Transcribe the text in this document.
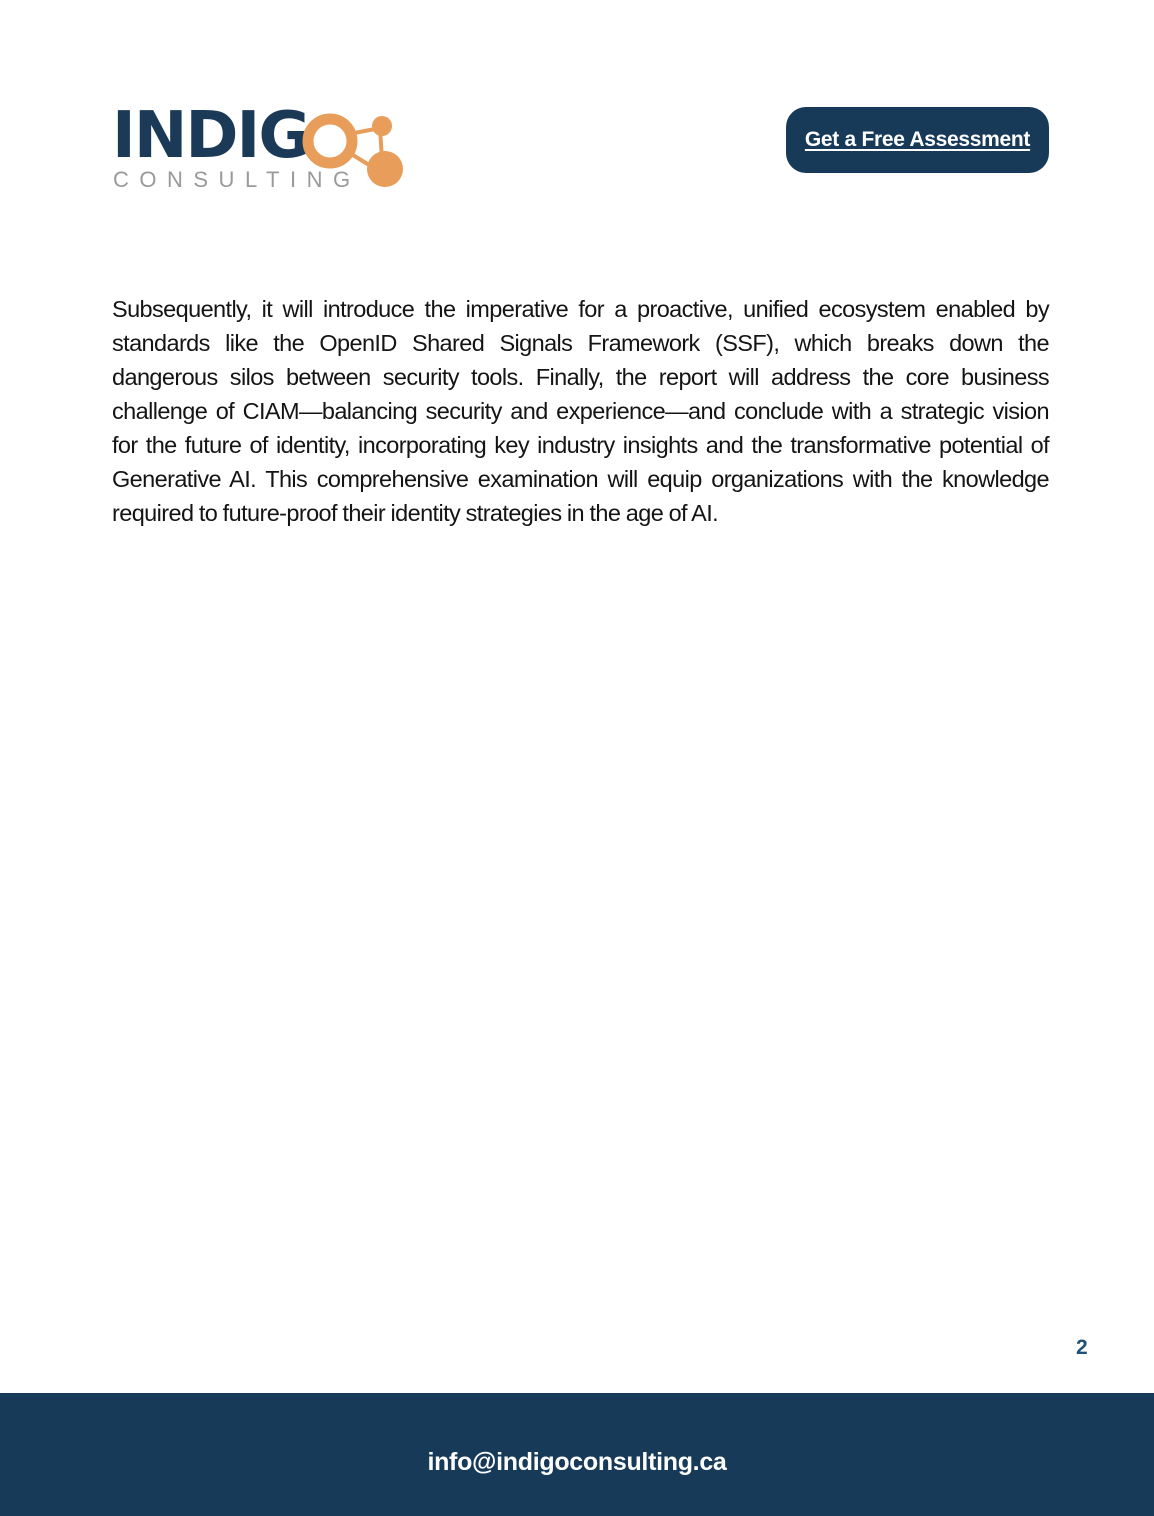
INDIG
CONSULTING
Get a Free Assessment

Subsequently, it will introduce the imperative for a proactive, unified ecosystem enabled by standards like the OpenID Shared Signals Framework (SSF), which breaks down the dangerous silos between security tools. Finally, the report will address the core business challenge of CIAM—balancing security and experience—and conclude with a strategic vision for the future of identity, incorporating key industry insights and the transformative potential of Generative AI. This comprehensive examination will equip organizations with the knowledge required to future-proof their identity strategies in the age of AI.

2
info@indigoconsulting.ca
